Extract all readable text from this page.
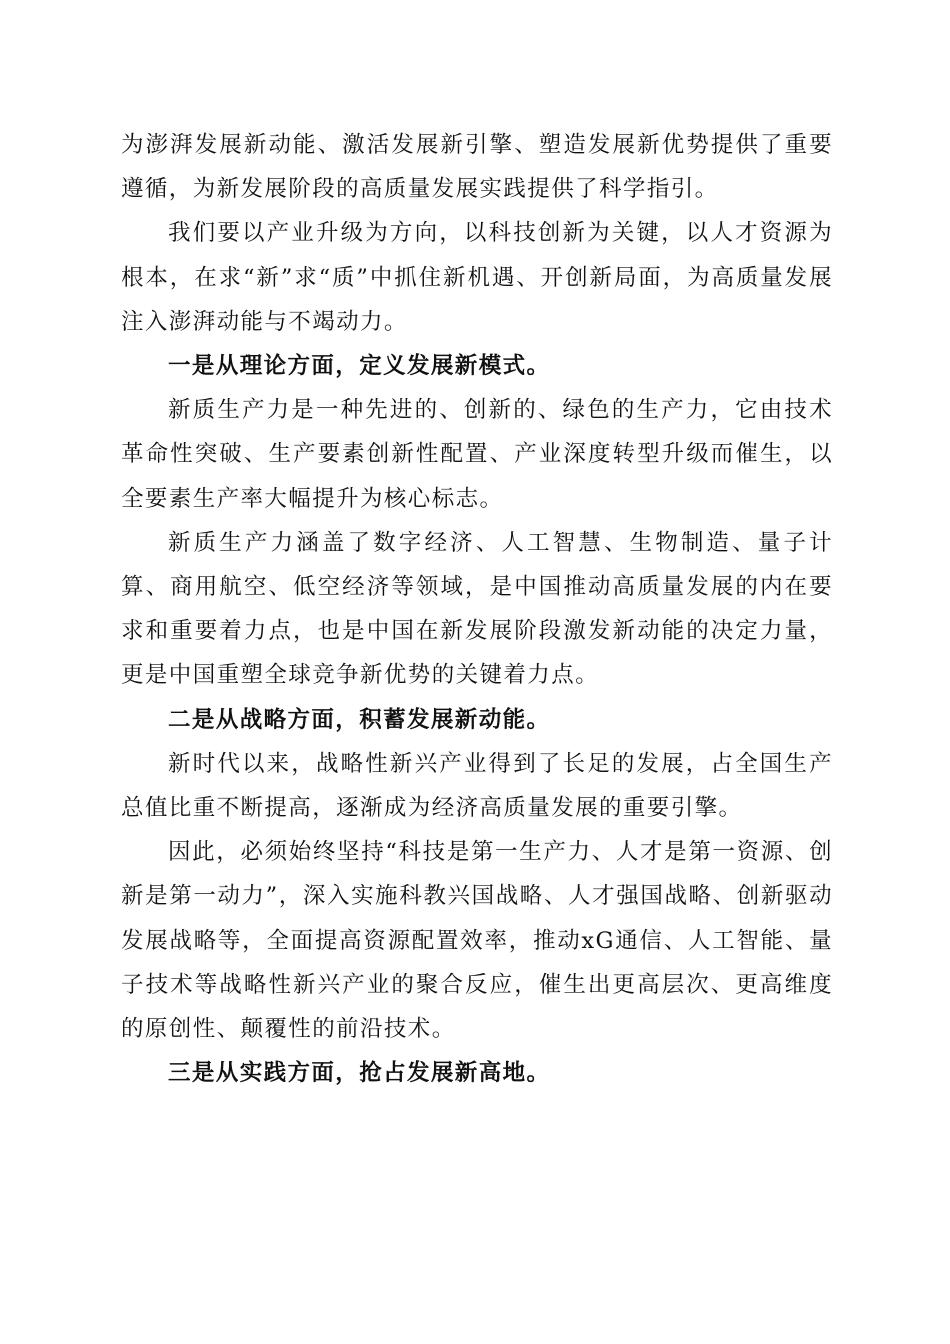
为澎湃发展新动能、激活发展新引擎、塑造发展新优势提供了重要遵循，为新发展阶段的高质量发展实践提供了科学指引。

我们要以产业升级为方向，以科技创新为关键，以人才资源为根本，在求“新”求“质”中抓住新机遇、开创新局面，为高质量发展注入澎湃动能与不竭动力。

一是从理论方面，定义发展新模式。

新质生产力是一种先进的、创新的、绿色的生产力，它由技术革命性突破、生产要素创新性配置、产业深度转型升级而催生，以全要素生产率大幅提升为核心标志。

新质生产力涵盖了数字经济、人工智慧、生物制造、量子计算、商用航空、低空经济等领域，是中国推动高质量发展的内在要求和重要着力点，也是中国在新发展阶段激发新动能的决定力量，更是中国重塑全球竞争新优势的关键着力点。

二是从战略方面，积蓄发展新动能。

新时代以来，战略性新兴产业得到了长足的发展，占全国生产总值比重不断提高，逐渐成为经济高质量发展的重要引擎。

因此，必须始终坚持“科技是第一生产力、人才是第一资源、创新是第一动力”，深入实施科教兴国战略、人才强国战略、创新驱动发展战略等，全面提高资源配置效率，推动xG通信、人工智能、量子技术等战略性新兴产业的聚合反应，催生出更高层次、更高维度的原创性、颠覆性的前沿技术。

三是从实践方面，抢占发展新高地。
